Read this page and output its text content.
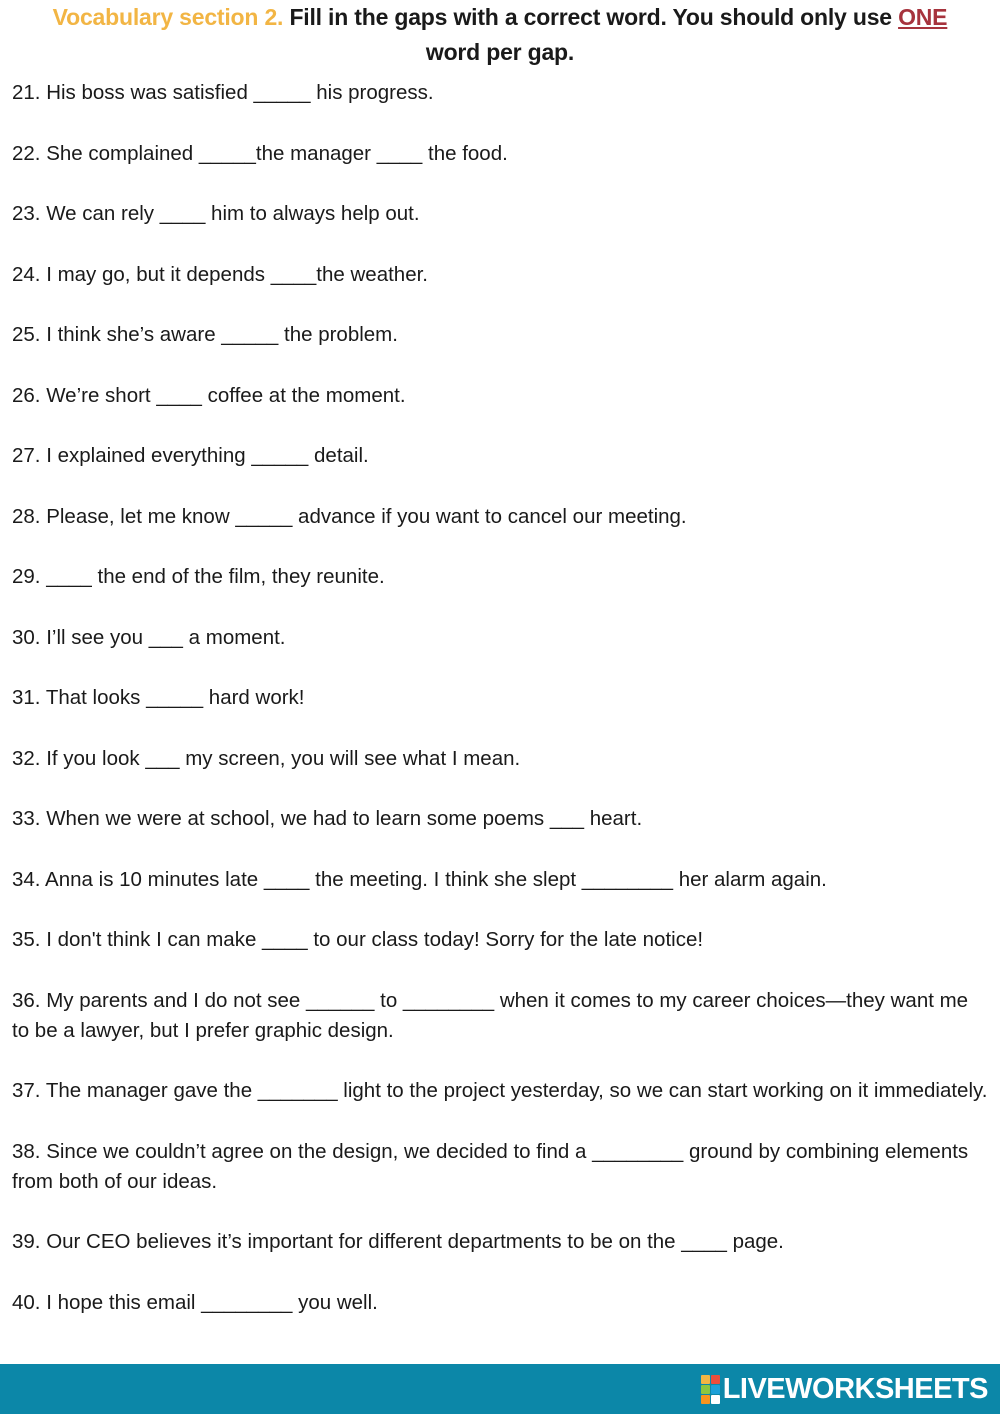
Vocabulary section 2. Fill in the gaps with a correct word. You should only use ONE
word per gap.

21. His boss was satisfied _____ his progress.

22. She complained _____the manager ____ the food.

23. We can rely ____ him to always help out.

24. I may go, but it depends ____the weather.

25. I think she’s aware _____ the problem.

26. We’re short ____ coffee at the moment.

27. I explained everything _____ detail.

28. Please, let me know _____ advance if you want to cancel our meeting.

29. ____ the end of the film, they reunite.

30. I’ll see you ___ a moment.

31. That looks _____ hard work!

32. If you look ___ my screen, you will see what I mean.

33. When we were at school, we had to learn some poems ___ heart.

34. Anna is 10 minutes late ____ the meeting. I think she slept ________ her alarm again.

35. I don't think I can make ____ to our class today! Sorry for the late notice!

36. My parents and I do not see ______ to ________ when it comes to my career choices—they want me to be a lawyer, but I prefer graphic design.

37. The manager gave the _______ light to the project yesterday, so we can start working on it immediately.

38. Since we couldn’t agree on the design, we decided to find a ________ ground by combining elements from both of our ideas.

39. Our CEO believes it’s important for different departments to be on the ____ page.

40. I hope this email ________ you well.

LIVEWORKSHEETS
